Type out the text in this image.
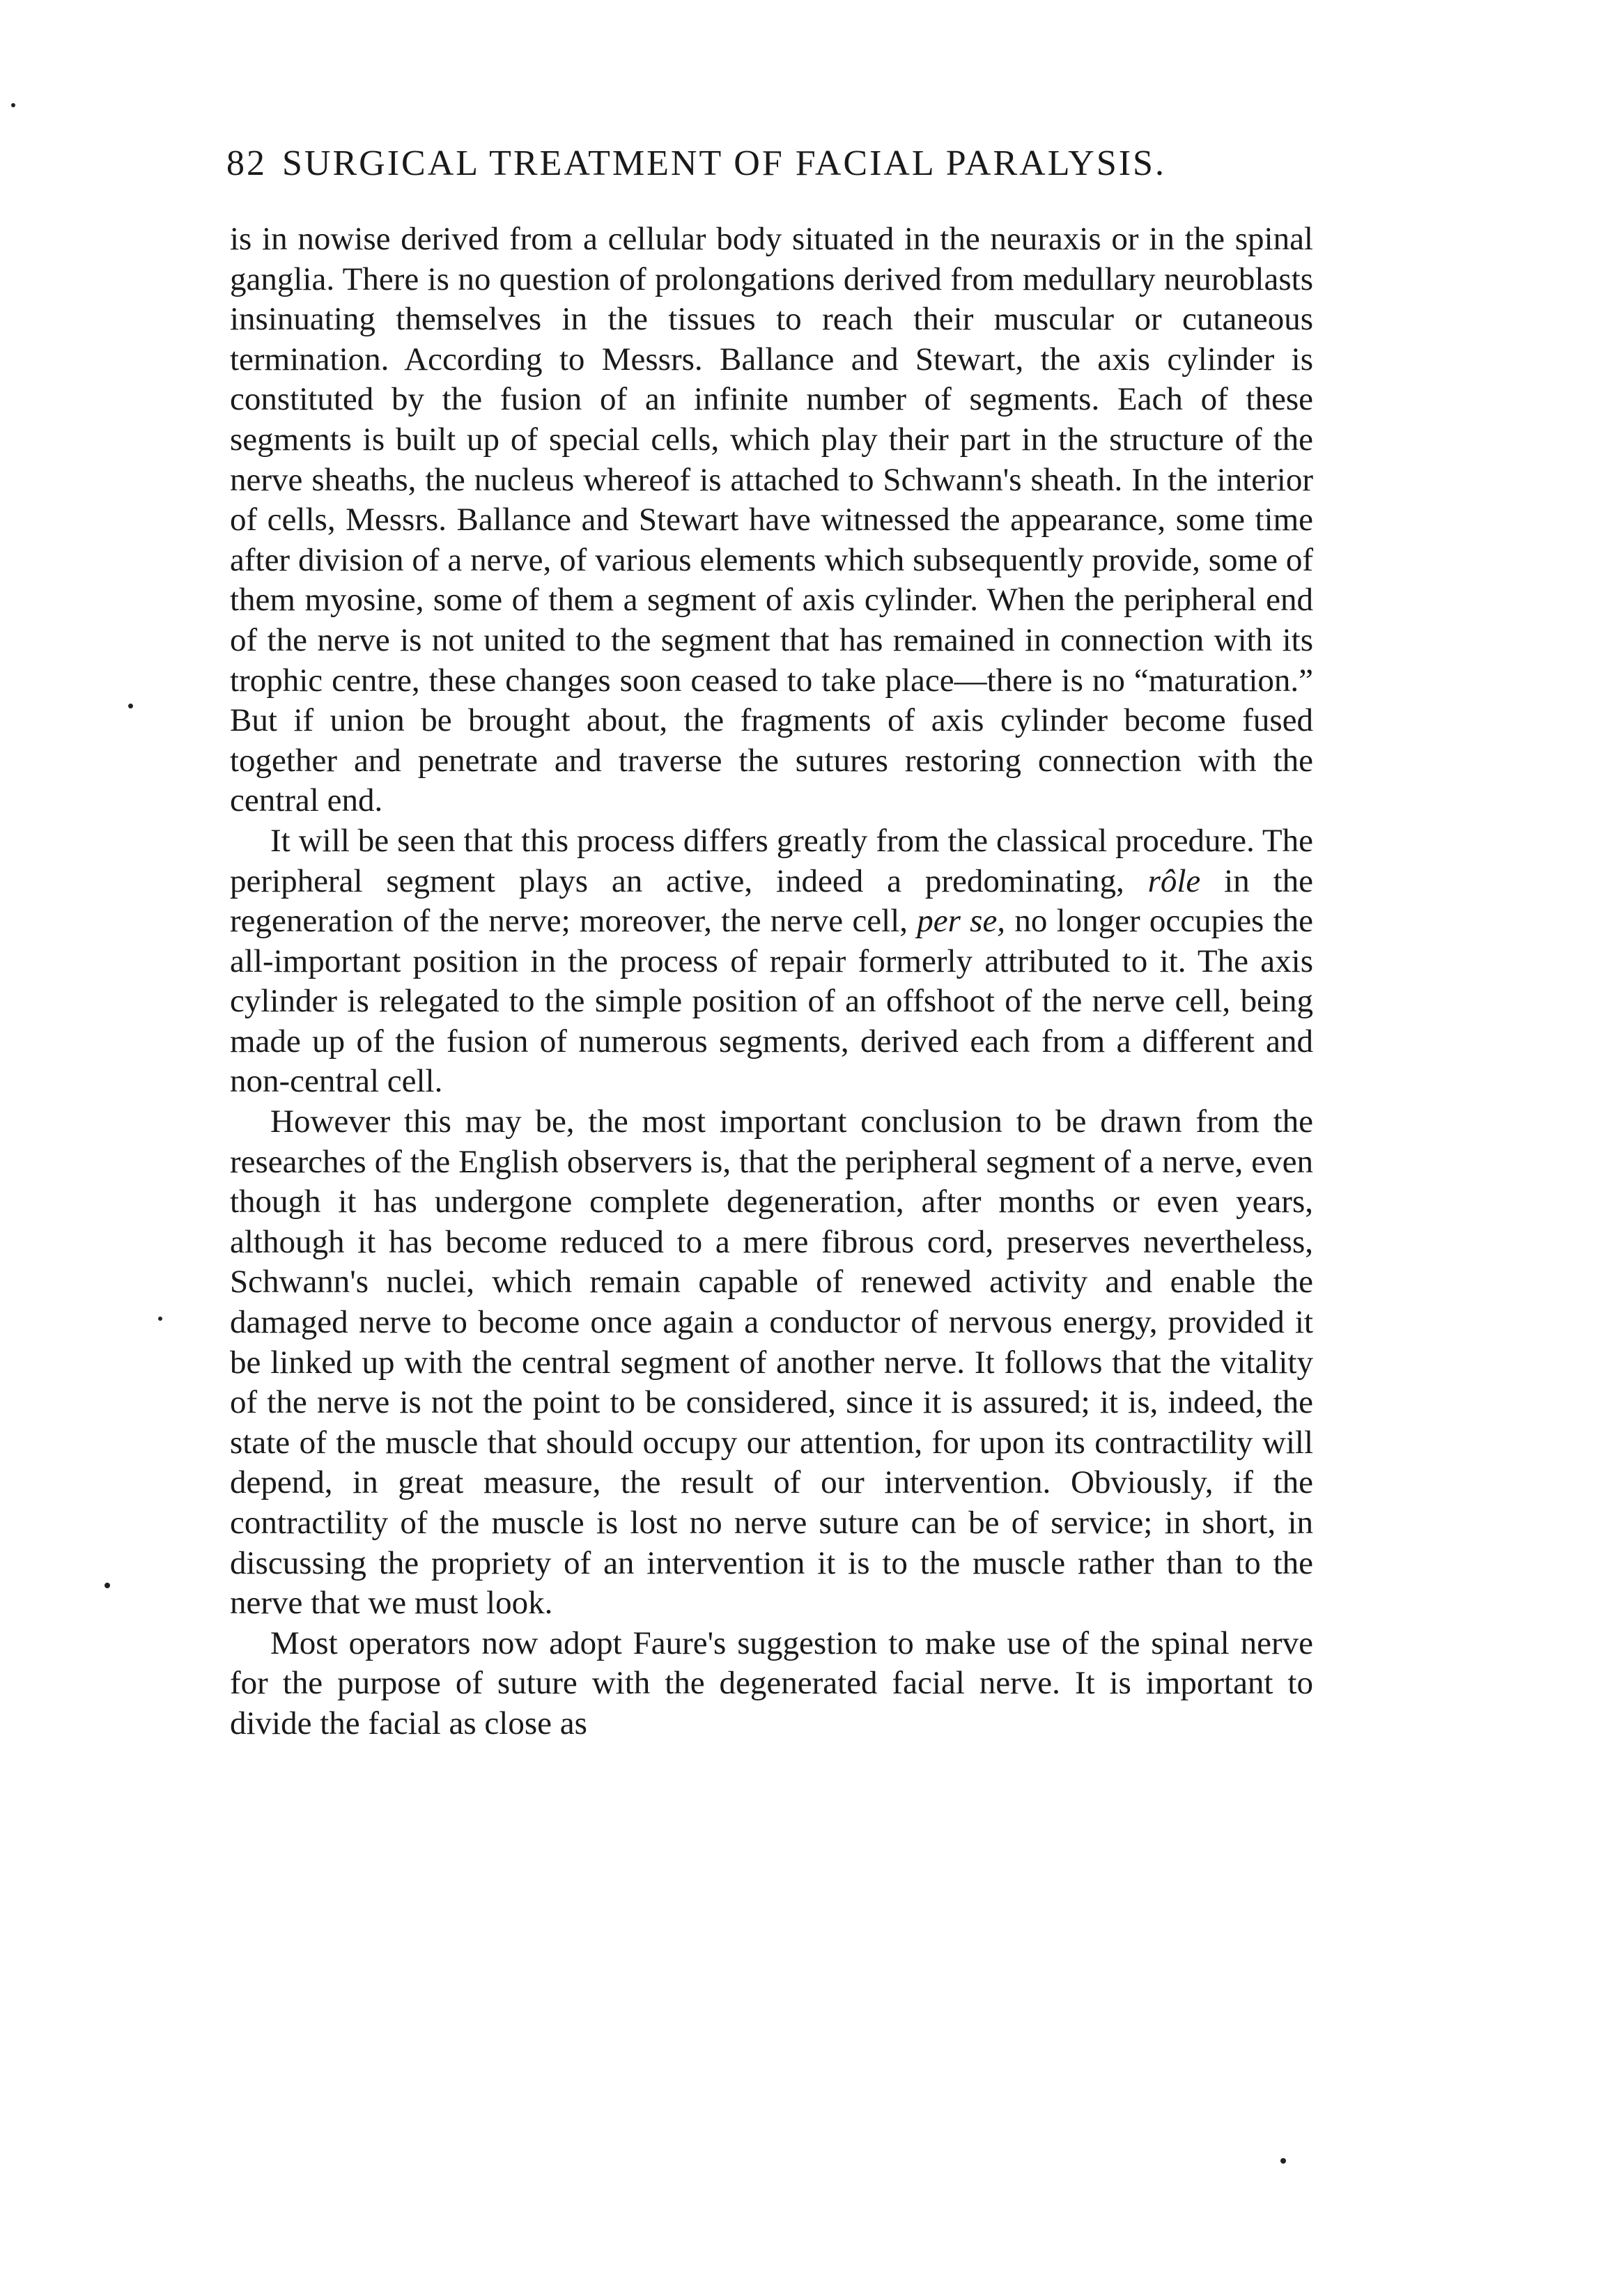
82 SURGICAL TREATMENT OF FACIAL PARALYSIS.

is in nowise derived from a cellular body situated in the neuraxis or in the spinal ganglia. There is no question of prolongations derived from medullary neuroblasts insinuating themselves in the tissues to reach their muscular or cutaneous termination. According to Messrs. Ballance and Stewart, the axis cylinder is constituted by the fusion of an infinite number of segments. Each of these segments is built up of special cells, which play their part in the structure of the nerve sheaths, the nucleus whereof is attached to Schwann's sheath. In the interior of cells, Messrs. Ballance and Stewart have witnessed the appearance, some time after division of a nerve, of various elements which subsequently provide, some of them myosine, some of them a segment of axis cylinder. When the peripheral end of the nerve is not united to the segment that has remained in connection with its trophic centre, these changes soon ceased to take place—there is no “maturation.” But if union be brought about, the fragments of axis cylinder become fused together and penetrate and traverse the sutures restoring connection with the central end.

It will be seen that this process differs greatly from the classical procedure. The peripheral segment plays an active, indeed a predominating, rôle in the regeneration of the nerve; moreover, the nerve cell, per se, no longer occupies the all-important position in the process of repair formerly attributed to it. The axis cylinder is relegated to the simple position of an offshoot of the nerve cell, being made up of the fusion of numerous segments, derived each from a different and non-central cell.

However this may be, the most important conclusion to be drawn from the researches of the English observers is, that the peripheral segment of a nerve, even though it has undergone complete degeneration, after months or even years, although it has become reduced to a mere fibrous cord, preserves nevertheless, Schwann's nuclei, which remain capable of renewed activity and enable the damaged nerve to become once again a conductor of nervous energy, provided it be linked up with the central segment of another nerve. It follows that the vitality of the nerve is not the point to be considered, since it is assured; it is, indeed, the state of the muscle that should occupy our attention, for upon its contractility will depend, in great measure, the result of our intervention. Obviously, if the contractility of the muscle is lost no nerve suture can be of service; in short, in discussing the propriety of an intervention it is to the muscle rather than to the nerve that we must look.

Most operators now adopt Faure's suggestion to make use of the spinal nerve for the purpose of suture with the degenerated facial nerve. It is important to divide the facial as close as
